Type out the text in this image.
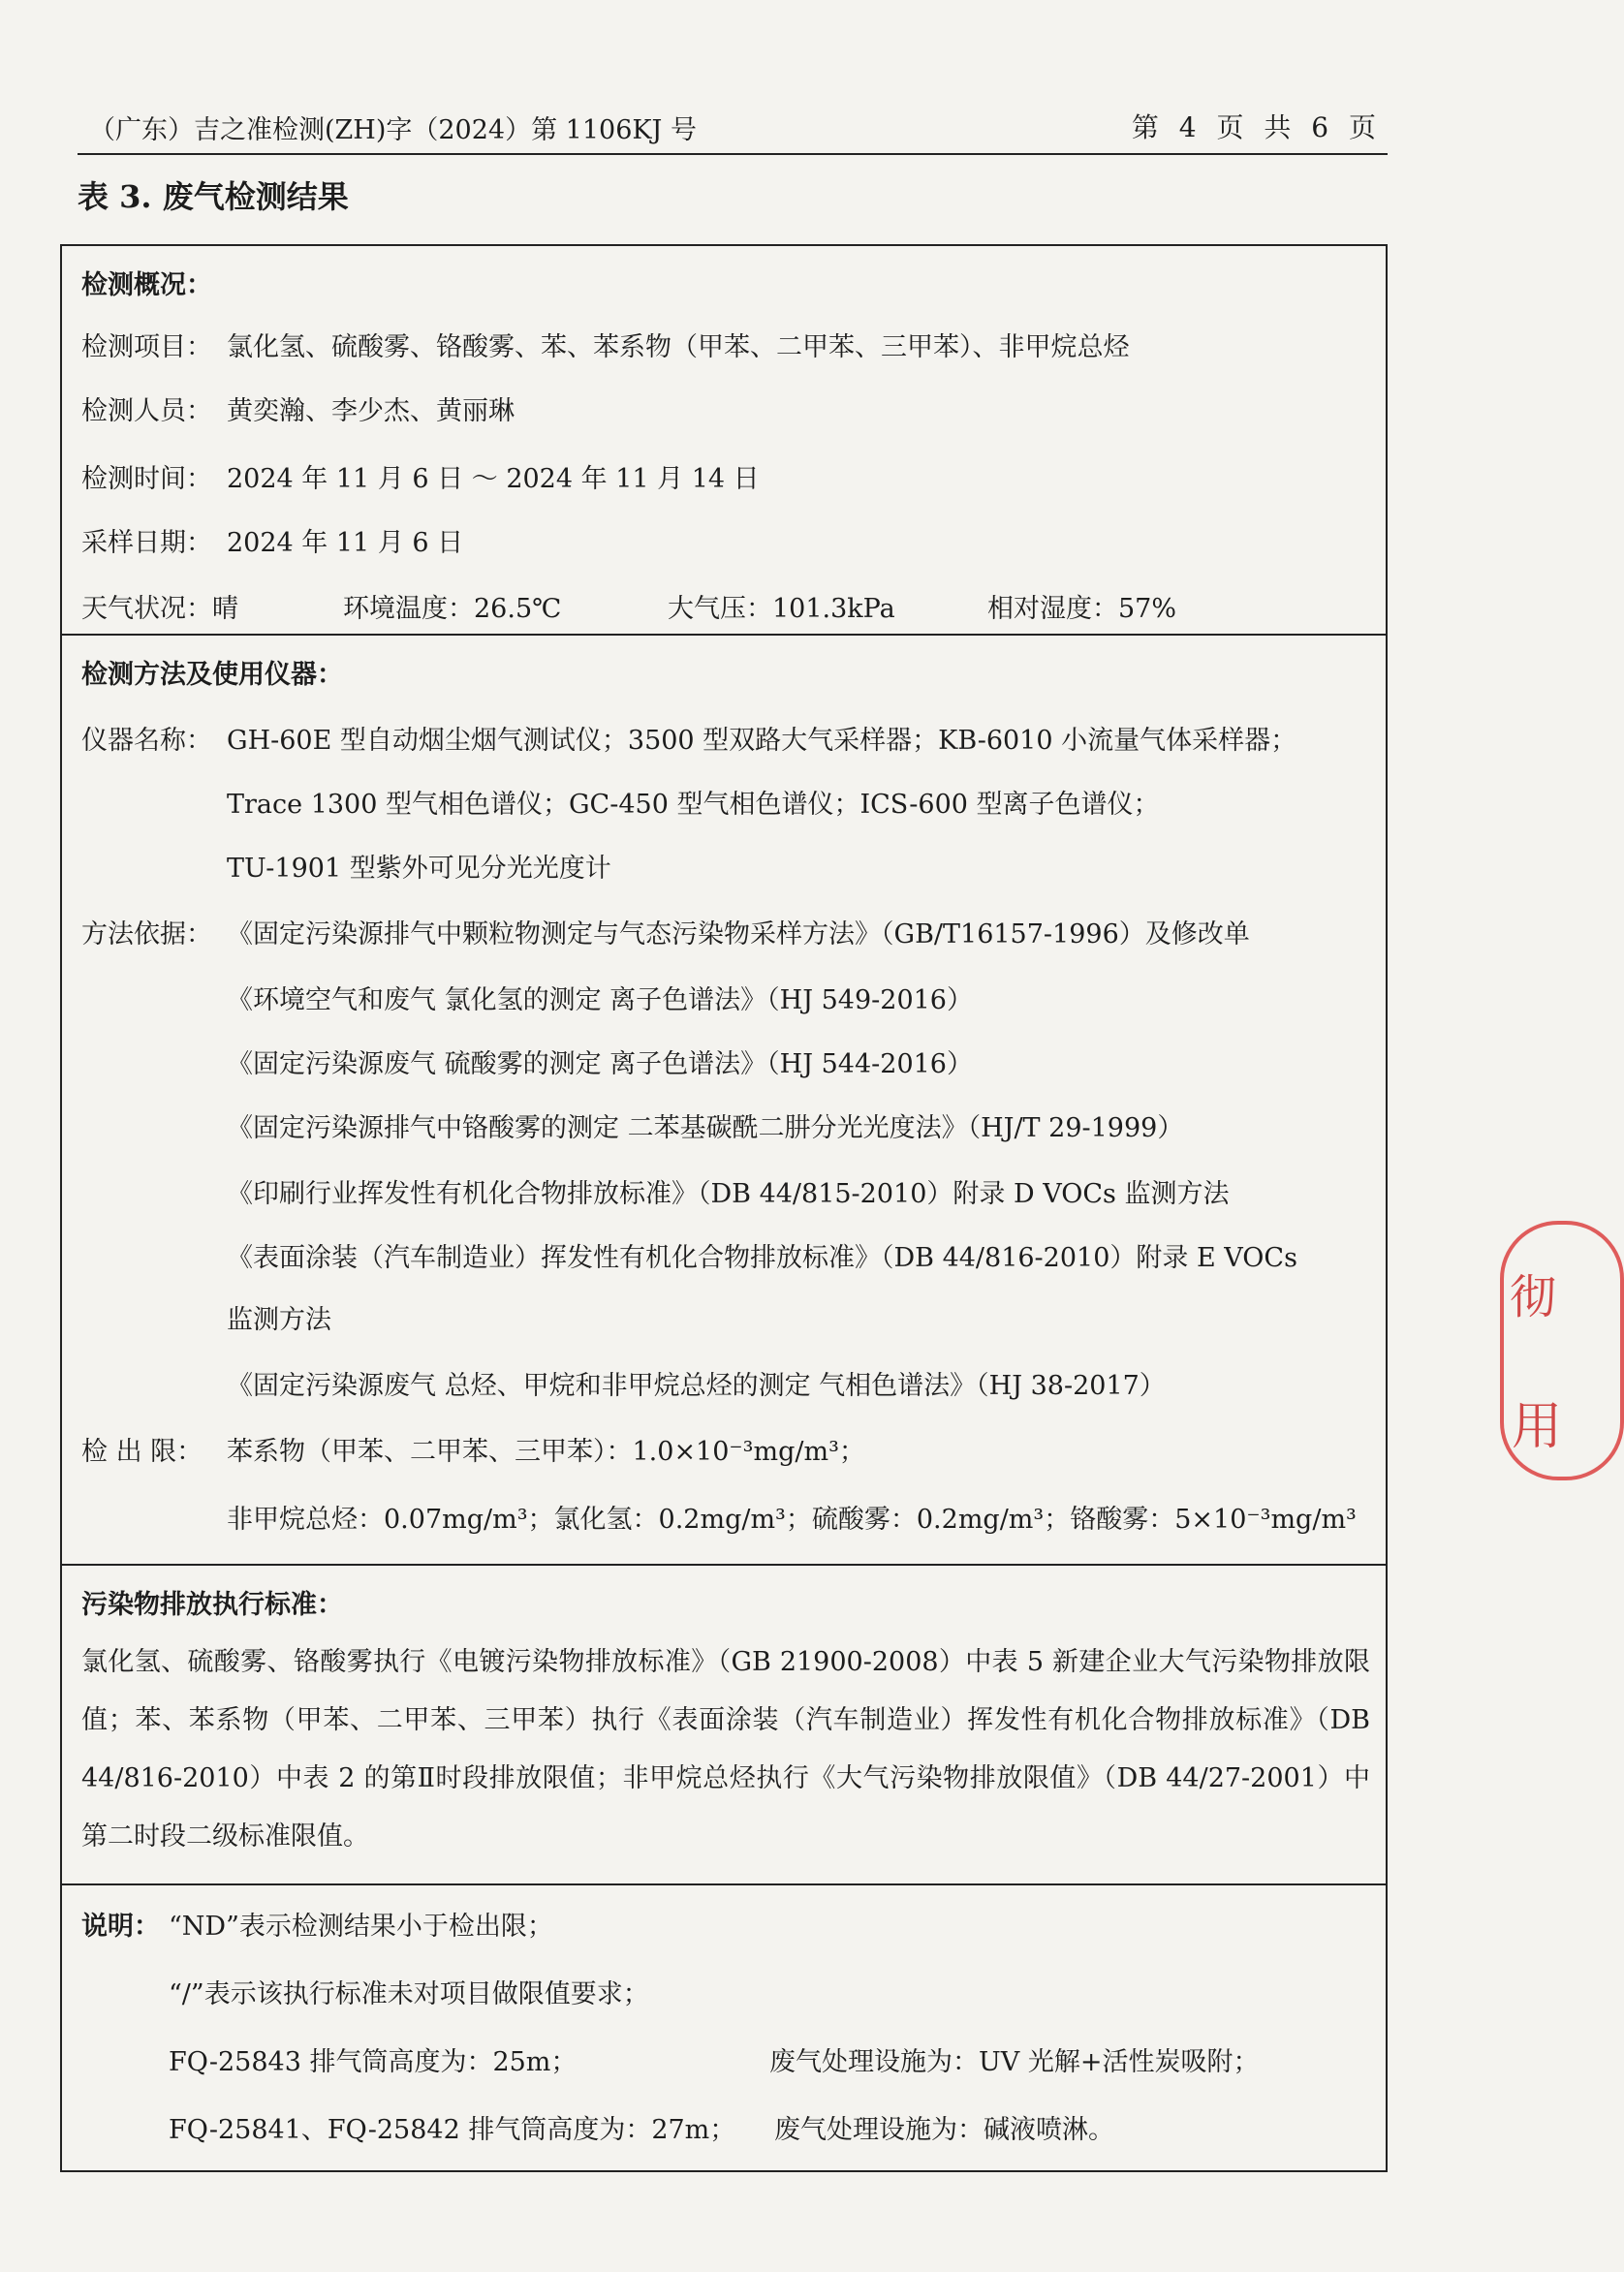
（广东）吉之准检测(ZH)字（2024）第 1106KJ 号	第 4 页 共 6 页
表 3. 废气检测结果
检测概况：
检测项目： 氯化氢、硫酸雾、铬酸雾、苯、苯系物（甲苯、二甲苯、三甲苯）、非甲烷总烃
检测人员： 黄奕瀚、李少杰、黄丽琳
检测时间： 2024 年 11 月 6 日 ～ 2024 年 11 月 14 日
采样日期： 2024 年 11 月 6 日
天气状况：晴	环境温度：26.5℃	大气压：101.3kPa	相对湿度：57%
检测方法及使用仪器：
仪器名称： GH-60E 型自动烟尘烟气测试仪；3500 型双路大气采样器；KB-6010 小流量气体采样器；
Trace 1300 型气相色谱仪；GC-450 型气相色谱仪；ICS-600 型离子色谱仪；
TU-1901 型紫外可见分光光度计
方法依据： 《固定污染源排气中颗粒物测定与气态污染物采样方法》（GB/T16157-1996）及修改单
《环境空气和废气 氯化氢的测定 离子色谱法》（HJ 549-2016）
《固定污染源废气 硫酸雾的测定 离子色谱法》（HJ 544-2016）
《固定污染源排气中铬酸雾的测定 二苯基碳酰二肼分光光度法》（HJ/T 29-1999）
《印刷行业挥发性有机化合物排放标准》（DB 44/815-2010）附录 D VOCs 监测方法
《表面涂装（汽车制造业）挥发性有机化合物排放标准》（DB 44/816-2010）附录 E VOCs
监测方法
《固定污染源废气 总烃、甲烷和非甲烷总烃的测定 气相色谱法》（HJ 38-2017）
检 出 限： 苯系物（甲苯、二甲苯、三甲苯）：1.0×10⁻³mg/m³；
非甲烷总烃：0.07mg/m³；氯化氢：0.2mg/m³；硫酸雾：0.2mg/m³；铬酸雾：5×10⁻³mg/m³
污染物排放执行标准：
氯化氢、硫酸雾、铬酸雾执行《电镀污染物排放标准》（GB 21900-2008）中表 5 新建企业大气污染物排放限值；苯、苯系物（甲苯、二甲苯、三甲苯）执行《表面涂装（汽车制造业）挥发性有机化合物排放标准》（DB 44/816-2010）中表 2 的第Ⅱ时段排放限值；非甲烷总烃执行《大气污染物排放限值》（DB 44/27-2001）中第二时段二级标准限值。
说明： “ND”表示检测结果小于检出限；
“/”表示该执行标准未对项目做限值要求；
FQ-25843 排气筒高度为：25m；	废气处理设施为：UV 光解+活性炭吸附；
FQ-25841、FQ-25842 排气筒高度为：27m； 废气处理设施为：碱液喷淋。
彻
用
